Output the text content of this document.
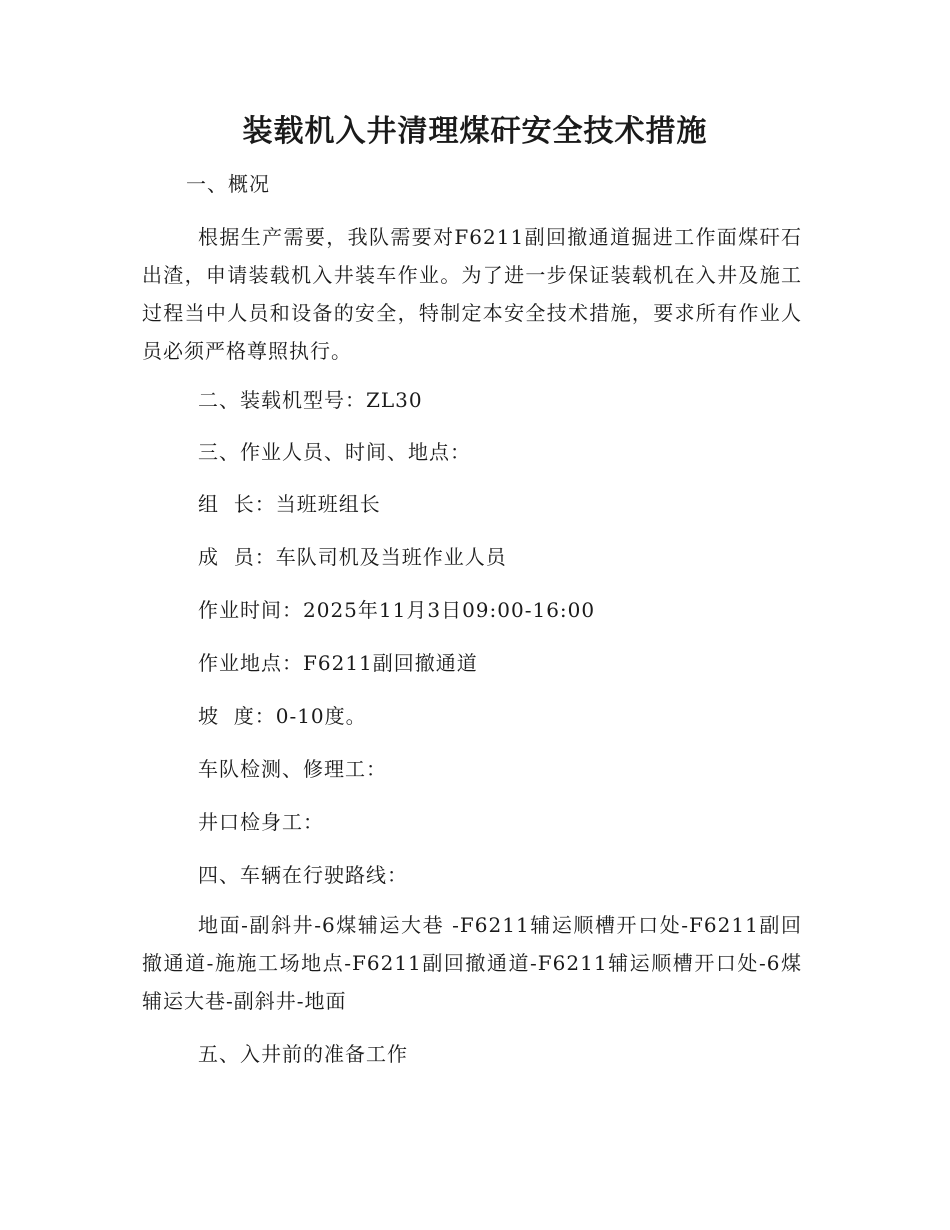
装载机入井清理煤矸安全技术措施
一、概况
根据生产需要，我队需要对F6211副回撤通道掘进工作面煤矸石出渣，申请装载机入井装车作业。为了进一步保证装载机在入井及施工过程当中人员和设备的安全，特制定本安全技术措施，要求所有作业人员必须严格尊照执行。
二、装载机型号：ZL30
三、作业人员、时间、地点：
组  长：当班班组长
成  员：车队司机及当班作业人员
作业时间：2025年11月3日09:00-16:00
作业地点：F6211副回撤通道
坡  度：0-10度。
车队检测、修理工：
井口检身工：
四、车辆在行驶路线：
地面-副斜井-6煤辅运大巷 -F6211辅运顺槽开口处-F6211副回撤通道-施施工场地点-F6211副回撤通道-F6211辅运顺槽开口处-6煤辅运大巷-副斜井-地面
五、入井前的准备工作
